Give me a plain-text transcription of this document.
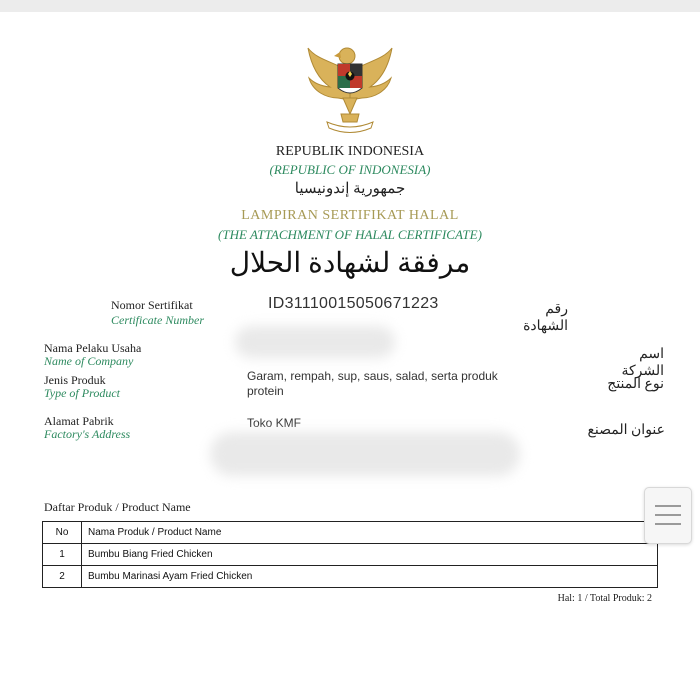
REPUBLIK INDONESIA
(REPUBLIC OF INDONESIA)
جمهورية إندونيسيا
LAMPIRAN SERTIFIKAT HALAL
(THE ATTACHMENT OF HALAL CERTIFICATE)
مرفقة لشهادة الحلال
Nomor Sertifikat
Certificate Number
ID31110015050671223	رقم الشهادة
Nama Pelaku Usaha
Name of Company	اسم الشركة
Jenis Produk
Type of Product
Garam, rempah, sup, saus, salad, serta produk
protein	نوع المنتج
Alamat Pabrik
Factory's Address
Toko KMF	عنوان المصنع
Daftar Produk / Product Name
No	Nama Produk / Product Name
1	Bumbu Biang Fried Chicken
2	Bumbu Marinasi Ayam Fried Chicken
Hal: 1 / Total Produk: 2
